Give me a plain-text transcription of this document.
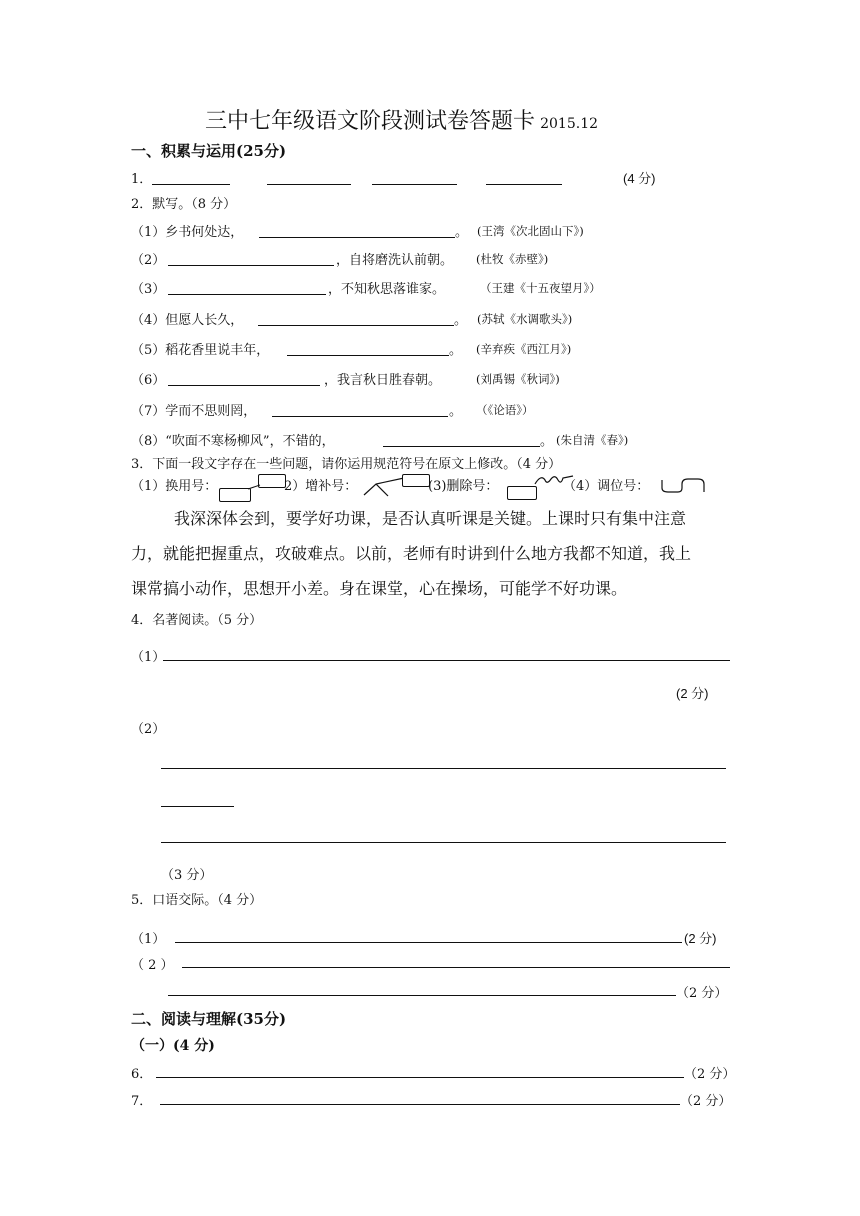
三中七年级语文阶段测试卷答题卡 2015.12
一、积累与运用(25分)
1．	(4 分)
2．默写。（8 分）
（1）乡书何处达，	。 (王湾《次北固山下》)
（2）	，自将磨洗认前朝。 (杜牧《赤壁》)
（3）	，不知秋思落谁家。	（王建《十五夜望月》）
（4）但愿人长久，	。 (苏轼《水调歌头》)
（5）稻花香里说丰年，	。 (辛弃疾《西江月》)
（6）	，我言秋日胜春朝。	(刘禹锡《秋词》)
（7）学而不思则罔，	。 （《论语》）
（8）“吹面不寒杨柳风”，不错的，	。 (朱自清《春》)
3．下面一段文字存在一些问题，请你运用规范符号在原文上修改。（4 分）
（1）换用号：	2）增补号：	(3)删除号：	（4）调位号：
我深深体会到，要学好功课，是否认真听课是关键。上课时只有集中注意
力，就能把握重点，攻破难点。以前，老师有时讲到什么地方我都不知道，我上
课常搞小动作，思想开小差。身在课堂，心在操场，可能学不好功课。
4．名著阅读。（5 分）
（1）
(2 分)
（2）
（3 分）
5．口语交际。（4 分）
（1）	(2 分)
（ 2 ）
（2 分）
二、阅读与理解(35分)
（一）(4 分)
6．	（2 分）
7．	（2 分）
